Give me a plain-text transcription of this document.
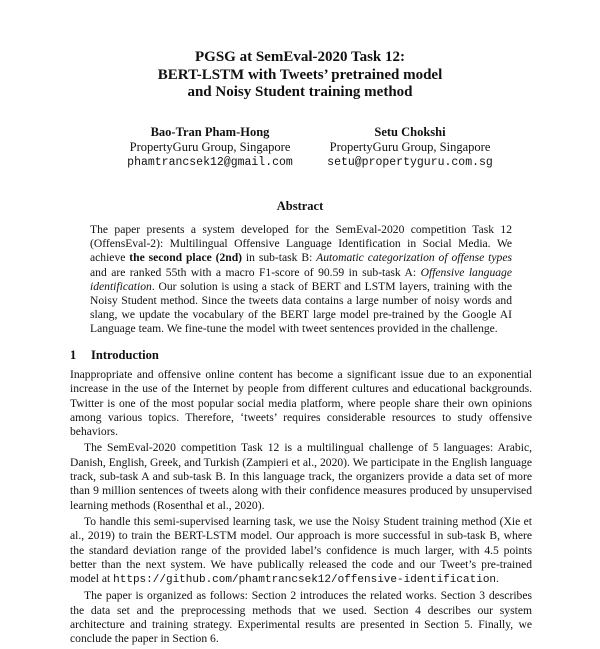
PGSG at SemEval-2020 Task 12:
BERT-LSTM with Tweets’ pretrained model
and Noisy Student training method
Bao-Tran Pham-Hong
PropertyGuru Group, Singapore
phamtrancsek12@gmail.com
Setu Chokshi
PropertyGuru Group, Singapore
setu@propertyguru.com.sg
Abstract
The paper presents a system developed for the SemEval-2020 competition Task 12 (OffensEval-2): Multilingual Offensive Language Identification in Social Media. We achieve the second place (2nd) in sub-task B: Automatic categorization of offense types and are ranked 55th with a macro F1-score of 90.59 in sub-task A: Offensive language identification. Our solution is using a stack of BERT and LSTM layers, training with the Noisy Student method. Since the tweets data contains a large number of noisy words and slang, we update the vocabulary of the BERT large model pre-trained by the Google AI Language team. We fine-tune the model with tweet sentences provided in the challenge.
1 Introduction

Inappropriate and offensive online content has become a significant issue due to an exponential increase in the use of the Internet by people from different cultures and educational backgrounds. Twitter is one of the most popular social media platform, where people share their own opinions among various topics. Therefore, ‘tweets’ requires considerable resources to study offensive behaviors.

The SemEval-2020 competition Task 12 is a multilingual challenge of 5 languages: Arabic, Danish, English, Greek, and Turkish (Zampieri et al., 2020). We participate in the English language track, sub-task A and sub-task B. In this language track, the organizers provide a data set of more than 9 million sentences of tweets along with their confidence measures produced by unsupervised learning methods (Rosenthal et al., 2020).

To handle this semi-supervised learning task, we use the Noisy Student training method (Xie et al., 2019) to train the BERT-LSTM model. Our approach is more successful in sub-task B, where the standard deviation range of the provided label’s confidence is much larger, with 4.5 points better than the next system. We have publically released the code and our Tweet’s pre-trained model at https://github.com/phamtrancsek12/offensive-identification.

The paper is organized as follows: Section 2 introduces the related works. Section 3 describes the data set and the preprocessing methods that we used. Section 4 describes our system architecture and training strategy. Experimental results are presented in Section 5. Finally, we conclude the paper in Section 6.
